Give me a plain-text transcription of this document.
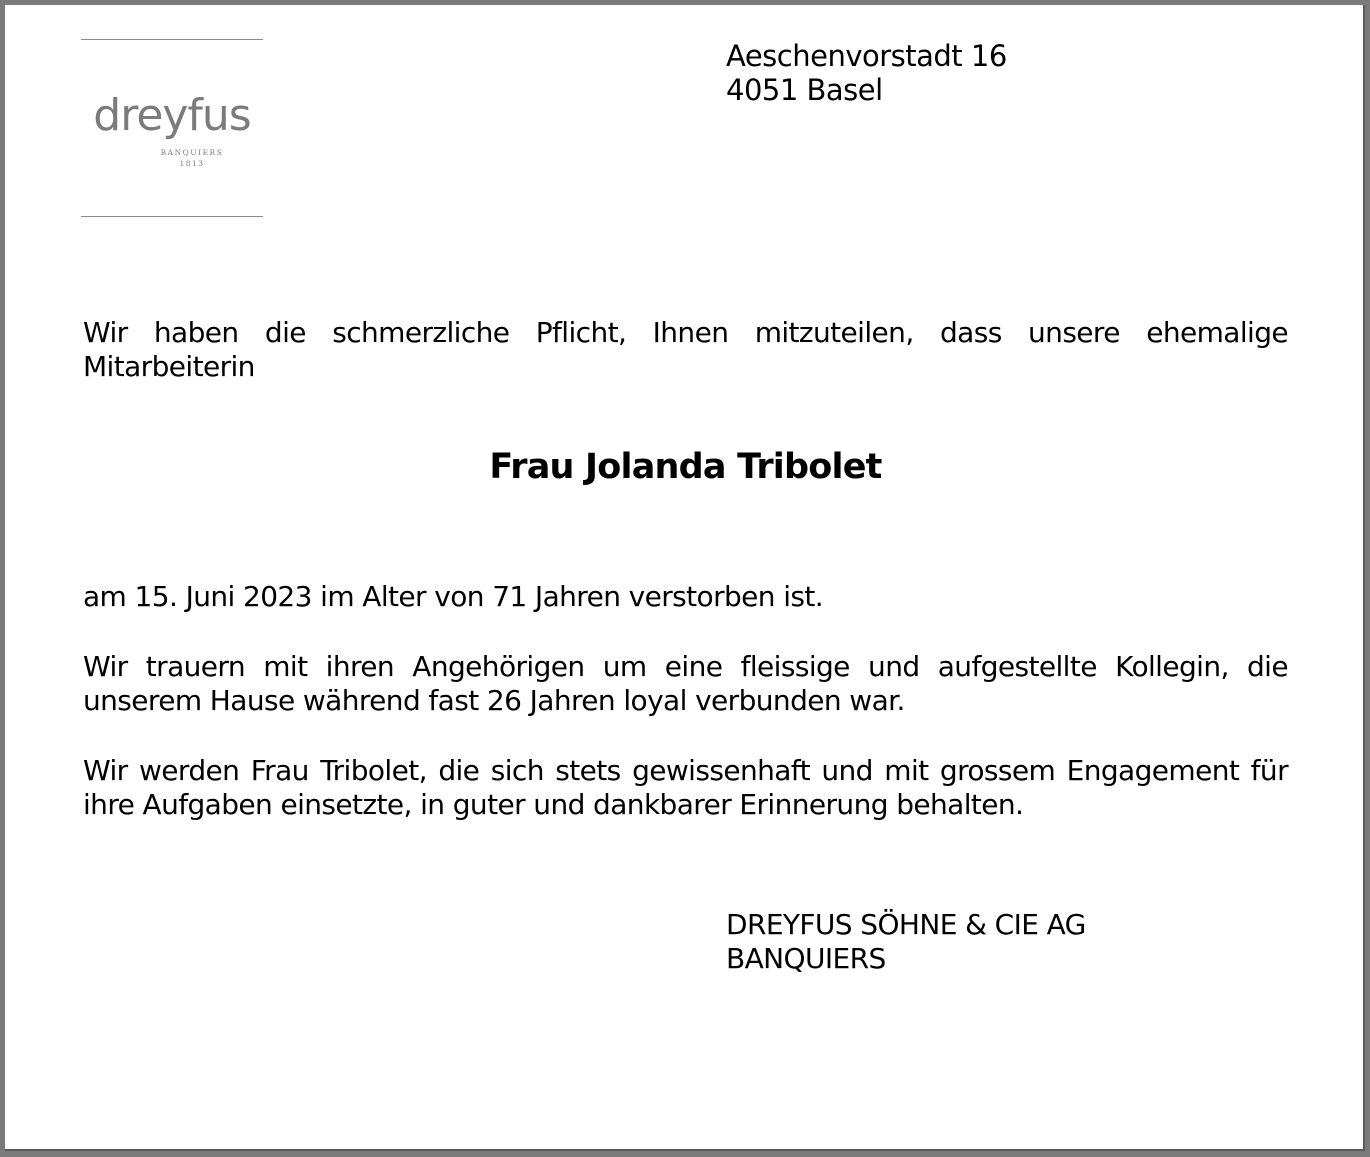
dreyfus
BANQUIERS
1813
Aeschenvorstadt 16
4051 Basel
Wir haben die schmerzliche Pflicht, Ihnen mitzuteilen, dass unsere ehemalige Mitarbeiterin
Frau Jolanda Tribolet
am 15. Juni 2023 im Alter von 71 Jahren verstorben ist.
Wir trauern mit ihren Angehörigen um eine fleissige und aufgestellte Kollegin, die unserem Hause während fast 26 Jahren loyal verbunden war.
Wir werden Frau Tribolet, die sich stets gewissenhaft und mit grossem Engagement für ihre Aufgaben einsetzte, in guter und dankbarer Erinnerung behalten.
DREYFUS SÖHNE & CIE AG
BANQUIERS
